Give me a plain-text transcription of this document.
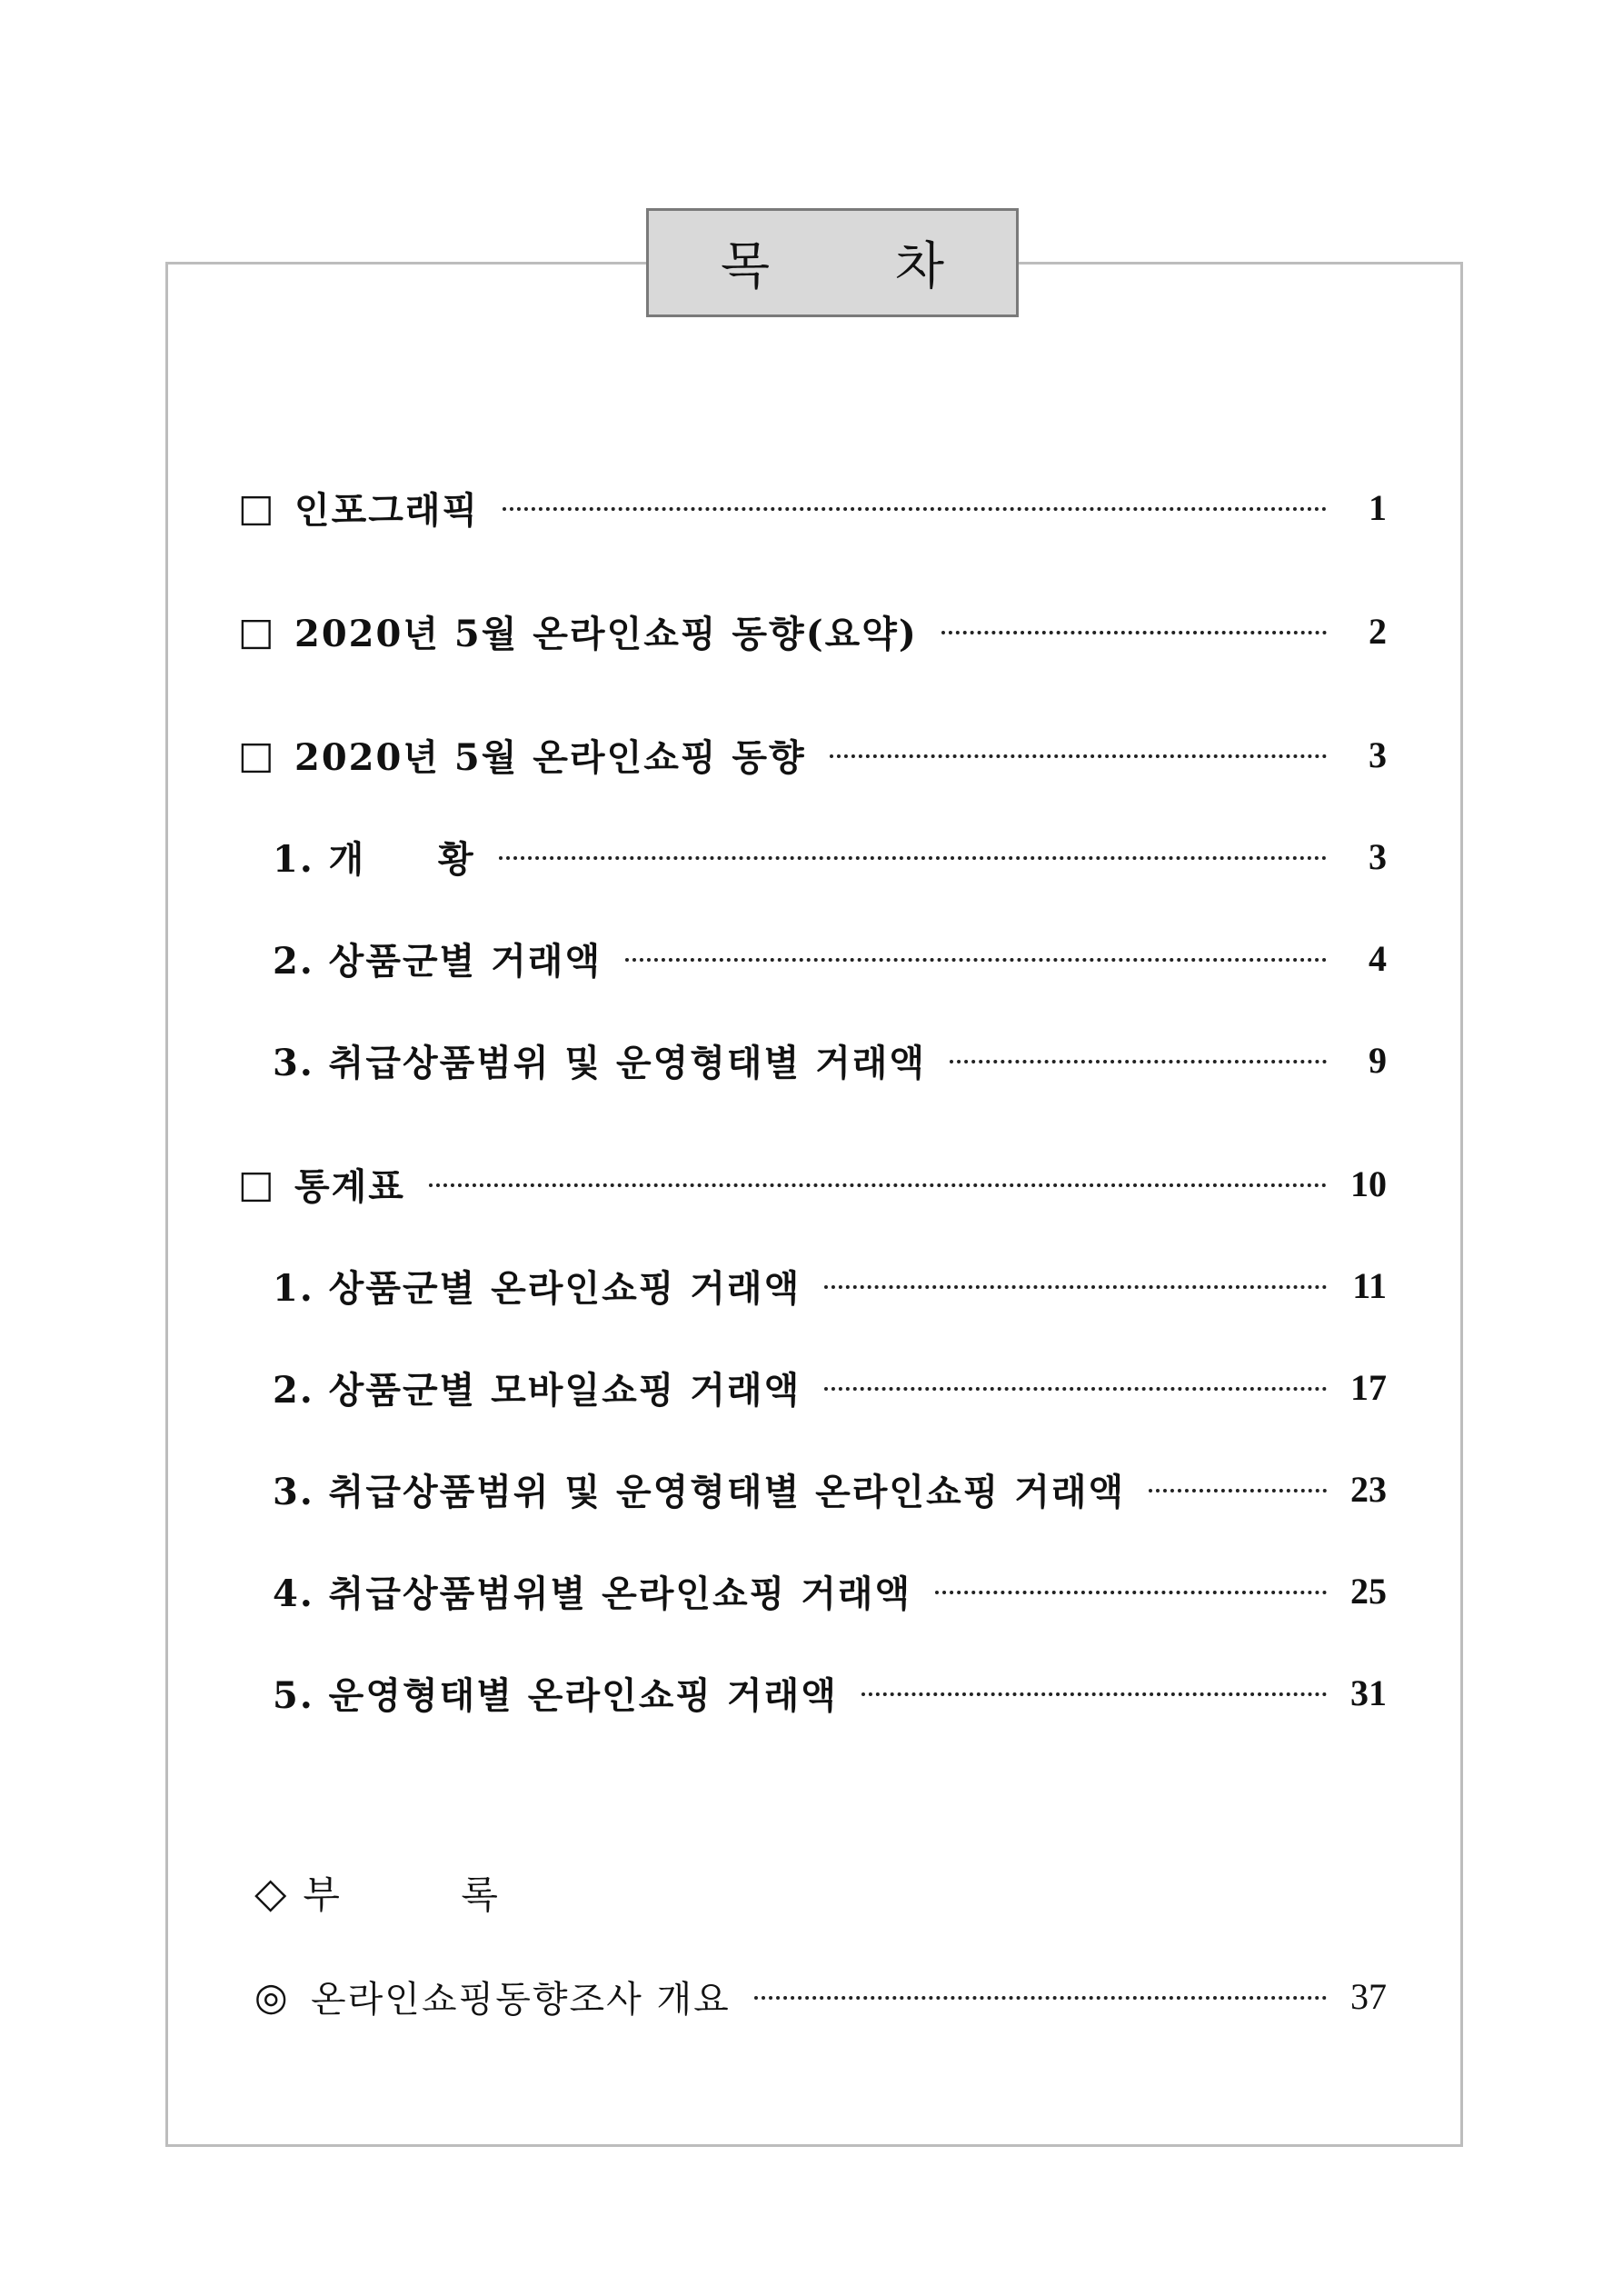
목 차
□ 인포그래픽	1
□ 2020년 5월 온라인쇼핑 동향(요약)	2
□ 2020년 5월 온라인쇼핑 동향	3
1. 개     황	3
2. 상품군별 거래액	4
3. 취급상품범위 및 운영형태별 거래액	9
□ 통계표	10
1. 상품군별 온라인쇼핑 거래액	11
2. 상품군별 모바일쇼핑 거래액	17
3. 취급상품범위 및 운영형태별 온라인쇼핑 거래액	23
4. 취급상품범위별 온라인쇼핑 거래액	25
5. 운영형태별 온라인쇼핑 거래액	31
◇ 부 록
◎ 온라인쇼핑동향조사 개요	37
